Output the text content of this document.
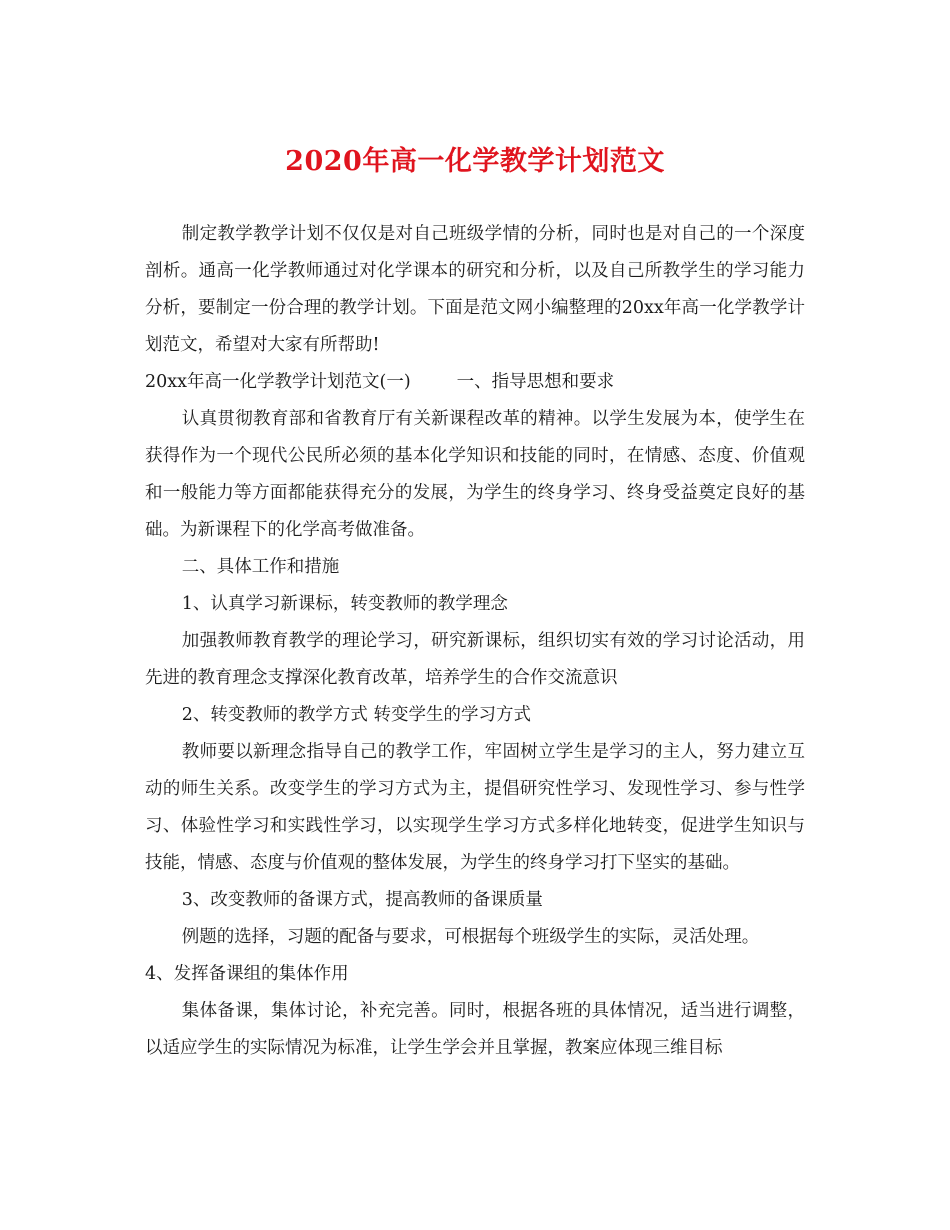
2020年高一化学教学计划范文

制定教学教学计划不仅仅是对自己班级学情的分析，同时也是对自己的一个深度剖析。通高一化学教师通过对化学课本的研究和分析，以及自己所教学生的学习能力分析，要制定一份合理的教学计划。下面是范文网小编整理的20xx年高一化学教学计划范文，希望对大家有所帮助!

20xx年高一化学教学计划范文(一)	一、指导思想和要求

认真贯彻教育部和省教育厅有关新课程改革的精神。以学生发展为本，使学生在获得作为一个现代公民所必须的基本化学知识和技能的同时，在情感、态度、价值观和一般能力等方面都能获得充分的发展，为学生的终身学习、终身受益奠定良好的基础。为新课程下的化学高考做准备。

二、具体工作和措施

1、认真学习新课标，转变教师的教学理念

加强教师教育教学的理论学习，研究新课标，组织切实有效的学习讨论活动，用先进的教育理念支撑深化教育改革，培养学生的合作交流意识

2、转变教师的教学方式 转变学生的学习方式

教师要以新理念指导自己的教学工作，牢固树立学生是学习的主人，努力建立互动的师生关系。改变学生的学习方式为主，提倡研究性学习、发现性学习、参与性学习、体验性学习和实践性学习，以实现学生学习方式多样化地转变，促进学生知识与技能，情感、态度与价值观的整体发展，为学生的终身学习打下坚实的基础。

3、改变教师的备课方式，提高教师的备课质量

例题的选择，习题的配备与要求，可根据每个班级学生的实际，灵活处理。

4、发挥备课组的集体作用

集体备课，集体讨论，补充完善。同时，根据各班的具体情况，适当进行调整，以适应学生的实际情况为标准，让学生学会并且掌握，教案应体现三维目标
